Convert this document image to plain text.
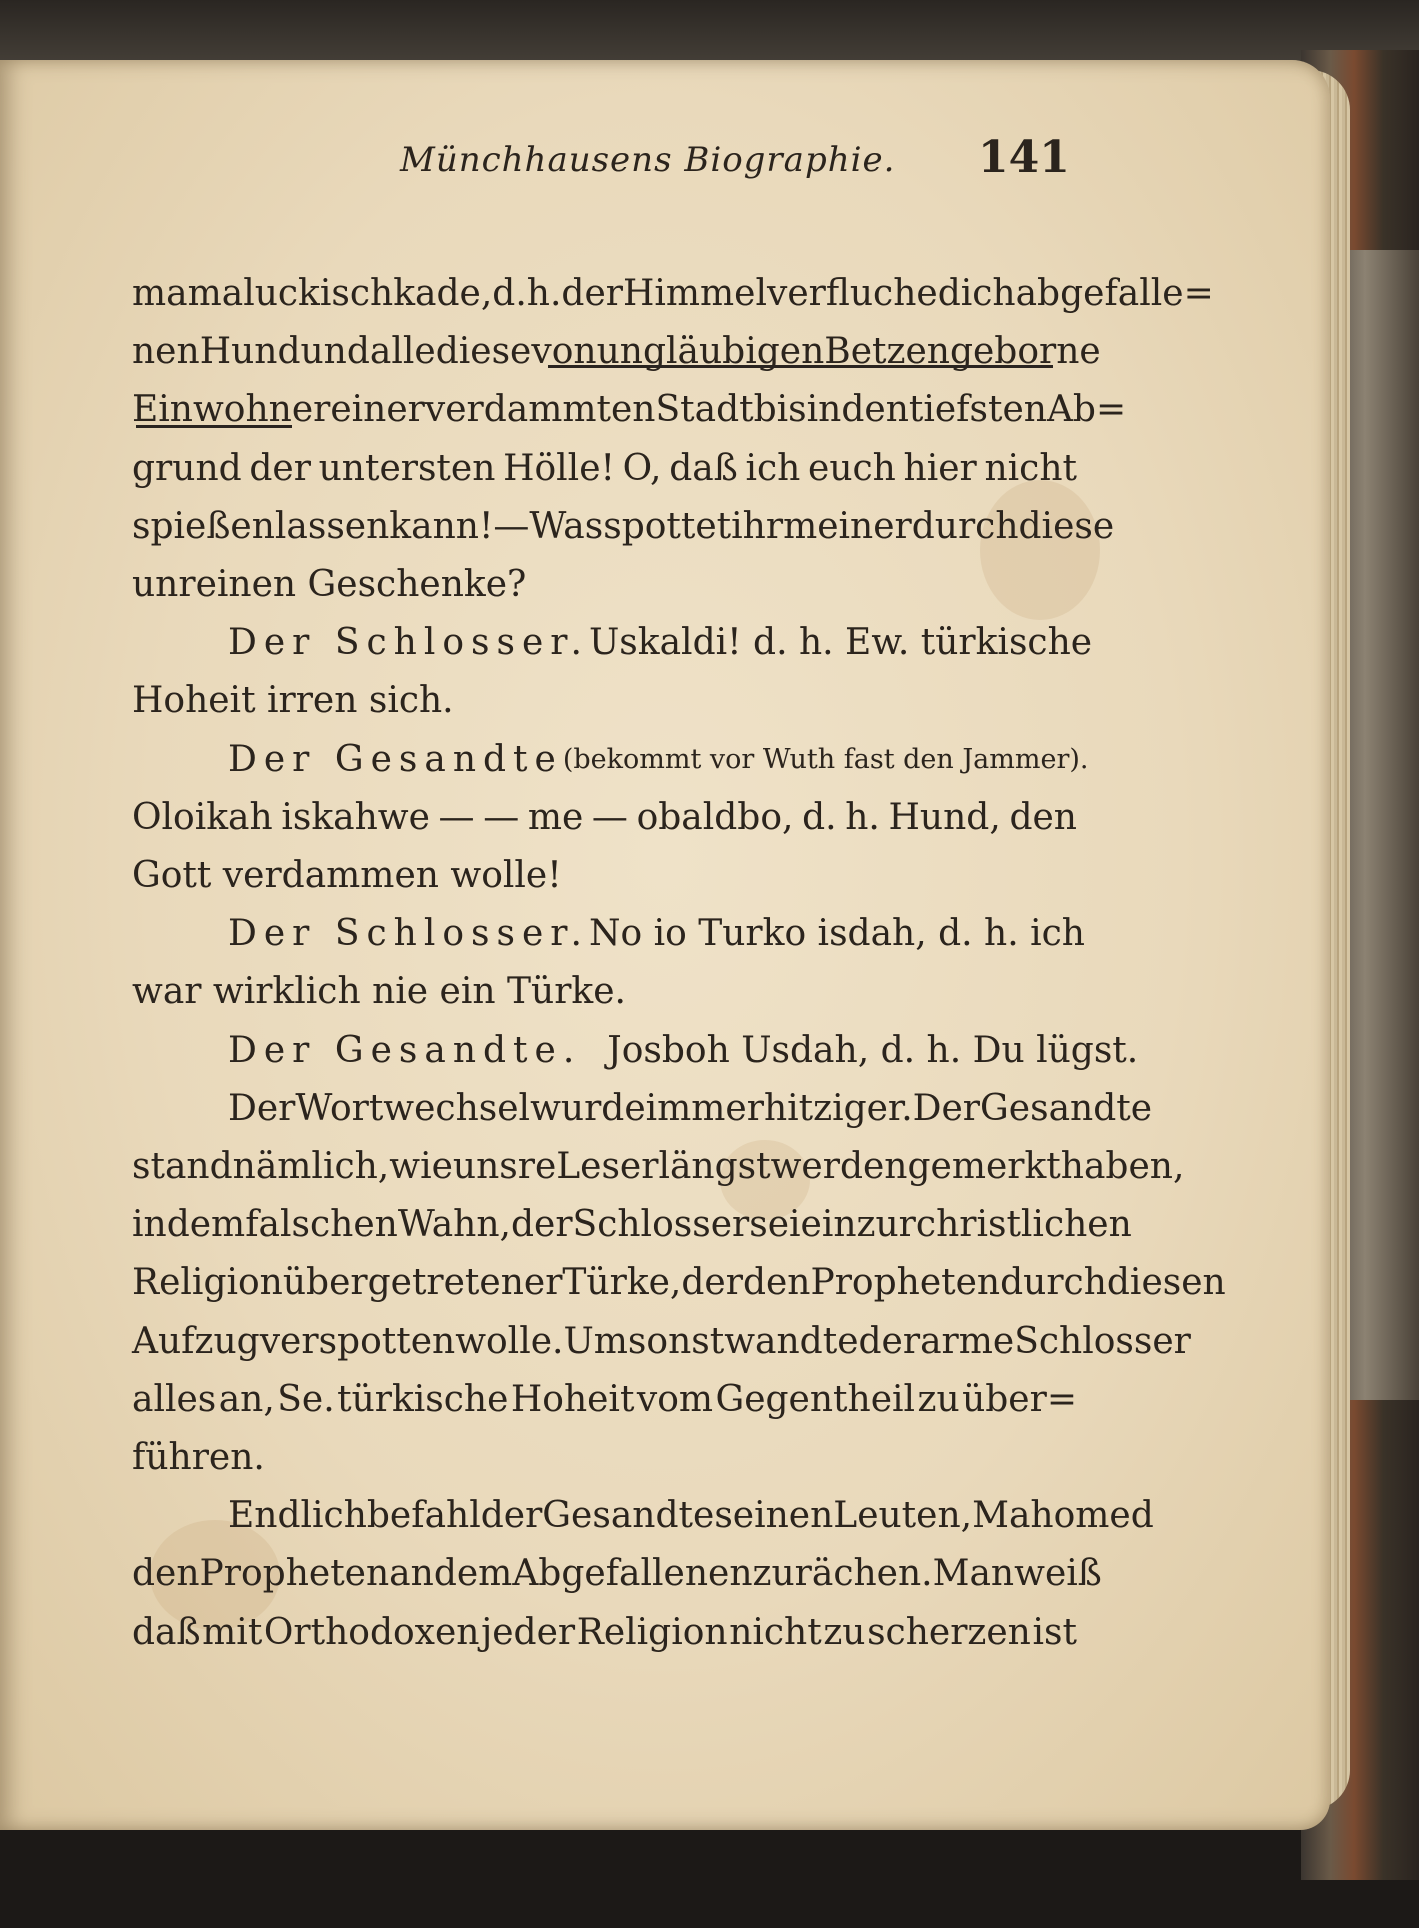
Münchhausens Biographie. 141
mamaluckischkade, d. h. der Himmel verfluche dich abgefalle=
nen Hund und alle diese von ungläubigen Betzen geborne
Einwohner einer verdammten Stadt bis in den tiefsten Ab=
grund der untersten Hölle! O, daß ich euch hier nicht
spießen lassen kann! — Was spottet ihr meiner durch diese
unreinen Geschenke?
Der Schlosser. Uskaldi! d. h. Ew. türkische
Hoheit irren sich.
Der Gesandte (bekommt vor Wuth fast den Jammer).
Oloikah iskahwe — — me — obaldbo, d. h. Hund, den
Gott verdammen wolle!
Der Schlosser. No io Turko isdah, d. h. ich
war wirklich nie ein Türke.
Der Gesandte. Josboh Usdah, d. h. Du lügst.
Der Wortwechsel wurde immer hitziger. Der Gesandte
stand nämlich, wie unsre Leser längst werden gemerkt haben,
in dem falschen Wahn, der Schlosser sei ein zur christlichen
Religion übergetretener Türke, der den Propheten durch diesen
Aufzug verspotten wolle. Umsonst wandte der arme Schlosser
alles an, Se. türkische Hoheit vom Gegentheil zu über=
führen.
Endlich befahl der Gesandte seinen Leuten, Mahomed
den Propheten an dem Abgefallenen zu rächen. Man weiß
daß mit Orthodoxen jeder Religion nicht zu scherzen ist
